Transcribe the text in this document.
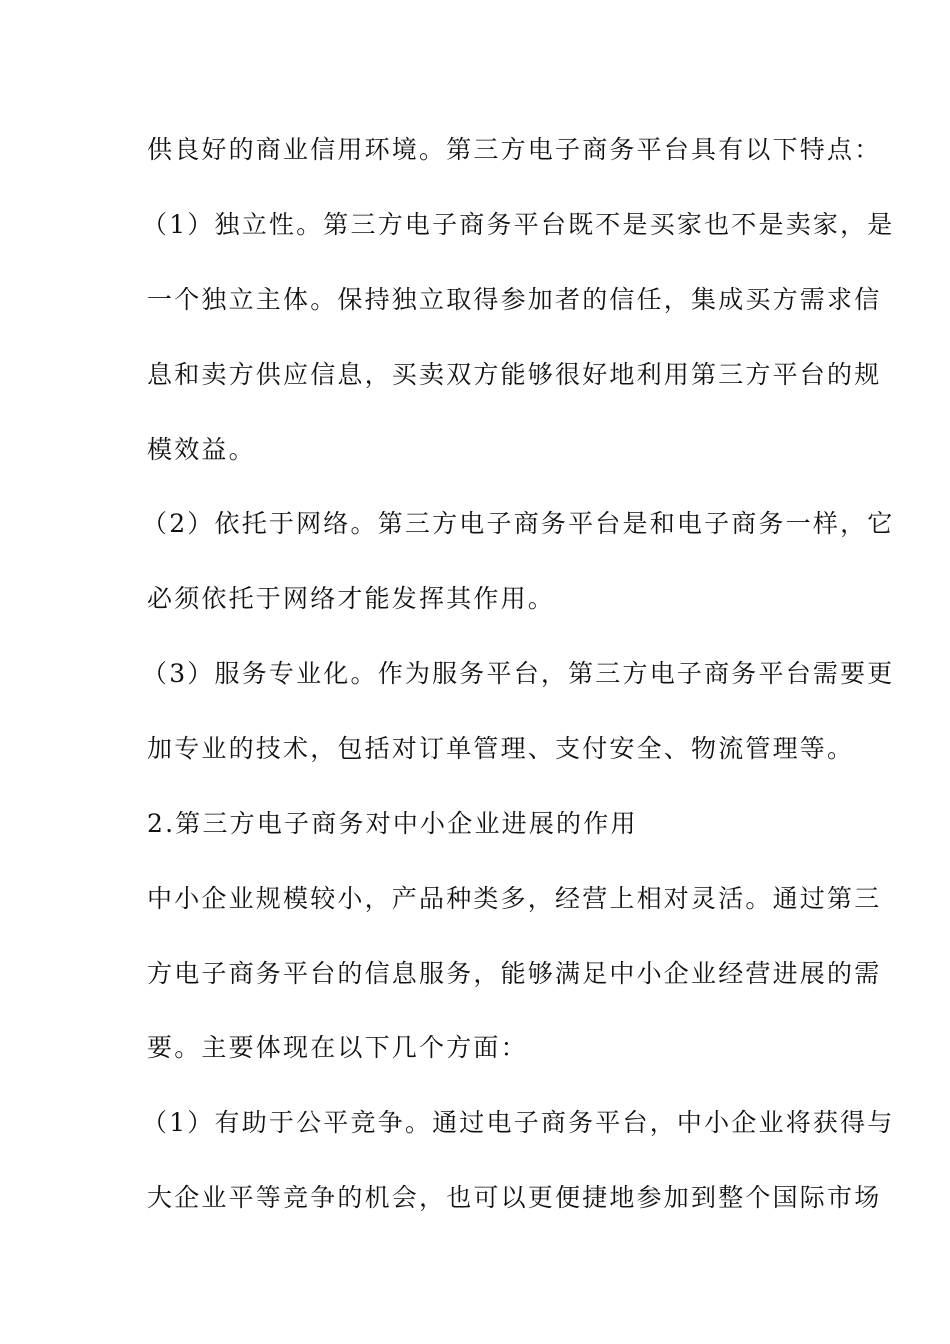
供良好的商业信用环境。第三方电子商务平台具有以下特点：
（1）独立性。第三方电子商务平台既不是买家也不是卖家，是
一个独立主体。保持独立取得参加者的信任，集成买方需求信
息和卖方供应信息，买卖双方能够很好地利用第三方平台的规
模效益。
（2）依托于网络。第三方电子商务平台是和电子商务一样，它
必须依托于网络才能发挥其作用。
（3）服务专业化。作为服务平台，第三方电子商务平台需要更
加专业的技术，包括对订单管理、支付安全、物流管理等。
2.第三方电子商务对中小企业进展的作用
中小企业规模较小，产品种类多，经营上相对灵活。通过第三
方电子商务平台的信息服务，能够满足中小企业经营进展的需
要。主要体现在以下几个方面：
（1）有助于公平竞争。通过电子商务平台，中小企业将获得与
大企业平等竞争的机会，也可以更便捷地参加到整个国际市场
